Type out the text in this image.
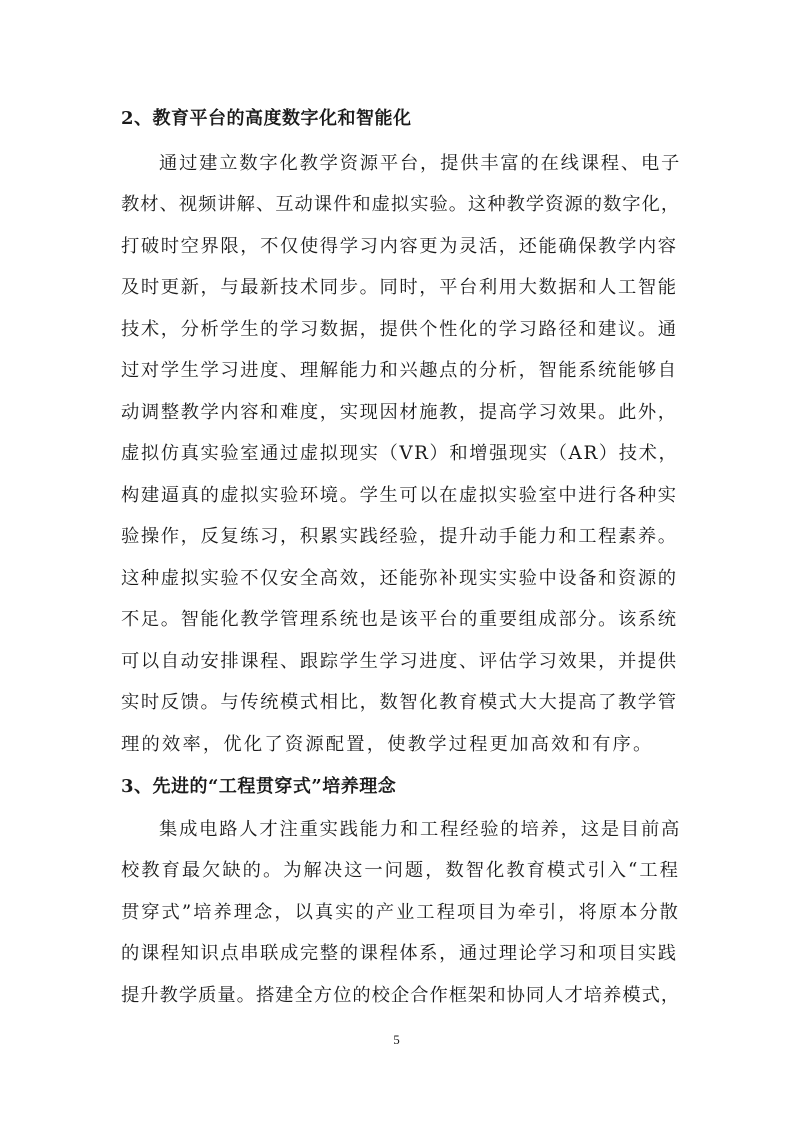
2、教育平台的高度数字化和智能化
通过建立数字化教学资源平台，提供丰富的在线课程、电子
教材、视频讲解、互动课件和虚拟实验。这种教学资源的数字化，
打破时空界限，不仅使得学习内容更为灵活，还能确保教学内容
及时更新，与最新技术同步。同时，平台利用大数据和人工智能
技术，分析学生的学习数据，提供个性化的学习路径和建议。通
过对学生学习进度、理解能力和兴趣点的分析，智能系统能够自
动调整教学内容和难度，实现因材施教，提高学习效果。此外，
虚拟仿真实验室通过虚拟现实（VR）和增强现实（AR）技术，
构建逼真的虚拟实验环境。学生可以在虚拟实验室中进行各种实
验操作，反复练习，积累实践经验，提升动手能力和工程素养。
这种虚拟实验不仅安全高效，还能弥补现实实验中设备和资源的
不足。智能化教学管理系统也是该平台的重要组成部分。该系统
可以自动安排课程、跟踪学生学习进度、评估学习效果，并提供
实时反馈。与传统模式相比，数智化教育模式大大提高了教学管
理的效率，优化了资源配置，使教学过程更加高效和有序。
3、先进的“工程贯穿式”培养理念
集成电路人才注重实践能力和工程经验的培养，这是目前高
校教育最欠缺的。为解决这一问题，数智化教育模式引入“工程
贯穿式”培养理念，以真实的产业工程项目为牵引，将原本分散
的课程知识点串联成完整的课程体系，通过理论学习和项目实践
提升教学质量。搭建全方位的校企合作框架和协同人才培养模式，
5
